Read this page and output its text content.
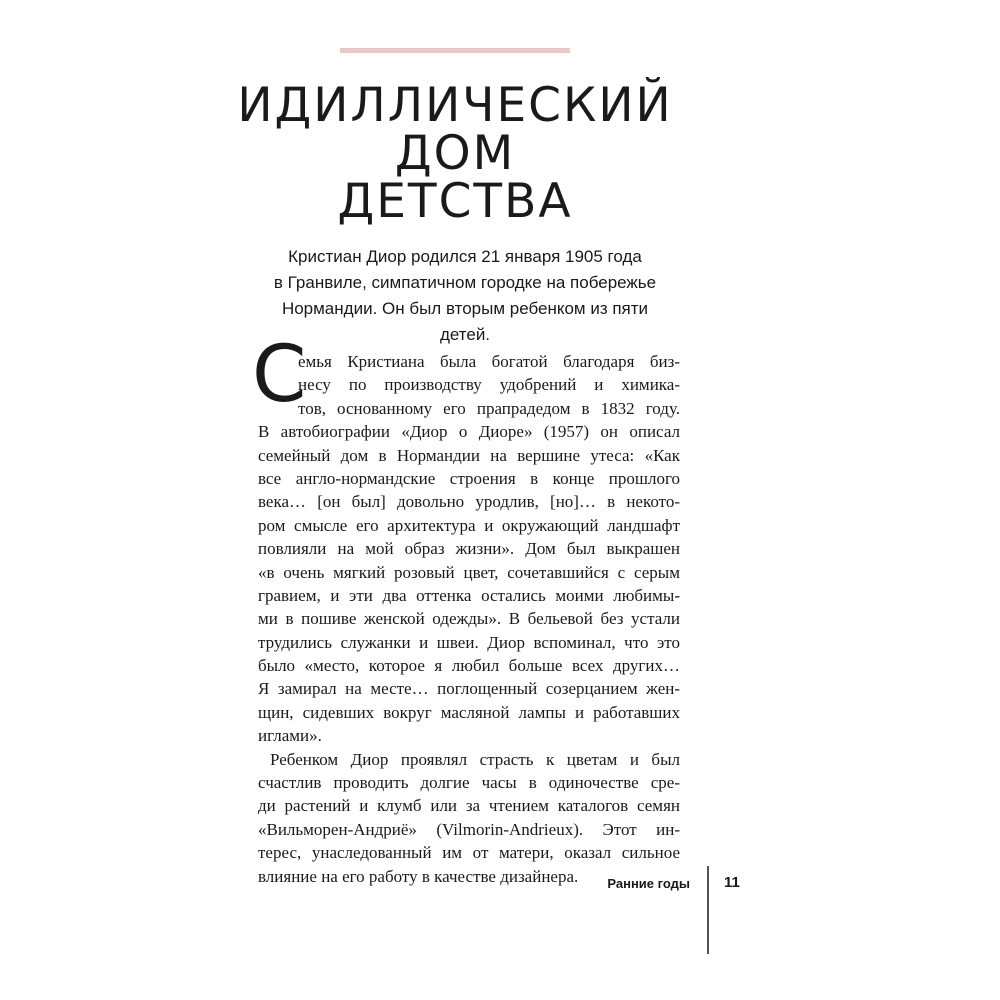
ИДИЛЛИЧЕСКИЙ
ДОМ
ДЕТСТВА

Кристиан Диор родился 21 января 1905 года
в Гранвиле, симпатичном городке на побережье
Нормандии. Он был вторым ребенком из пяти детей.

С

емья Кристиана была богатой благодаря биз-
несу по производству удобрений и химика-
тов, основанному его прапрадедом в 1832 году.
В автобиографии «Диор о Диоре» (1957) он описал
семейный дом в Нормандии на вершине утеса: «Как
все англо-нормандские строения в конце прошлого
века… [он был] довольно уродлив, [но]… в некото-
ром смысле его архитектура и окружающий ландшафт
повлияли на мой образ жизни». Дом был выкрашен
«в очень мягкий розовый цвет, сочетавшийся с серым
гравием, и эти два оттенка остались моими любимы-
ми в пошиве женской одежды». В бельевой без устали
трудились служанки и швеи. Диор вспоминал, что это
было «место, которое я любил больше всех других…
Я замирал на месте… поглощенный созерцанием жен-
щин, сидевших вокруг масляной лампы и работавших
иглами».

Ребенком Диор проявлял страсть к цветам и был
счастлив проводить долгие часы в одиночестве сре-
ди растений и клумб или за чтением каталогов семян
«Вильморен-Андриё» (Vilmorin-Andrieux). Этот ин-
терес, унаследованный им от матери, оказал сильное
влияние на его работу в качестве дизайнера.	Ранние годы 11
